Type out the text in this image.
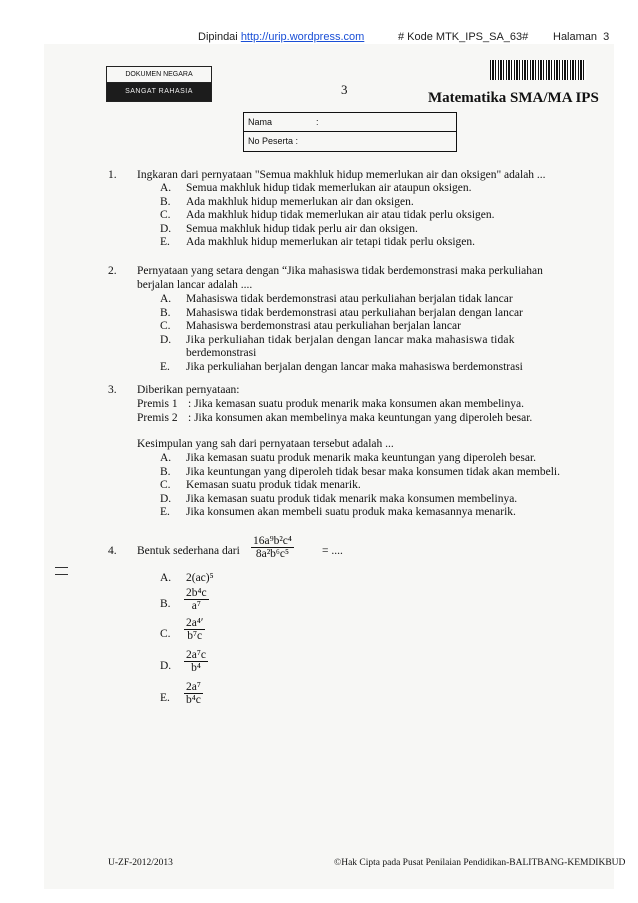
Dipindai http://urip.wordpress.com	# Kode MTK_IPS_SA_63# Halaman 3
DOKUMEN NEGARA
SANGAT RAHASIA	3
Matematika SMA/MA IPS
Nama	:
No Peserta :
1. Ingkaran dari pernyataan "Semua makhluk hidup memerlukan air dan oksigen" adalah ...
A. Semua makhluk hidup tidak memerlukan air ataupun oksigen.
B. Ada makhluk hidup memerlukan air dan oksigen.
C. Ada makhluk hidup tidak memerlukan air atau tidak perlu oksigen.
D. Semua makhluk hidup tidak perlu air dan oksigen.
E. Ada makhluk hidup memerlukan air tetapi tidak perlu oksigen.
2. Pernyataan yang setara dengan “Jika mahasiswa tidak berdemonstrasi maka perkuliahan
berjalan lancar adalah ....
A. Mahasiswa tidak berdemonstrasi atau perkuliahan berjalan tidak lancar
B. Mahasiswa tidak berdemonstrasi atau perkuliahan berjalan dengan lancar
C. Mahasiswa berdemonstrasi atau perkuliahan berjalan lancar
D. Jika perkuliahan tidak berjalan dengan lancar maka mahasiswa tidak
berdemonstrasi
E. Jika perkuliahan berjalan dengan lancar maka mahasiswa berdemonstrasi
3. Diberikan pernyataan:
Premis 1 : Jika kemasan suatu produk menarik maka konsumen akan membelinya.
Premis 2 : Jika konsumen akan membelinya maka keuntungan yang diperoleh besar.
Kesimpulan yang sah dari pernyataan tersebut adalah ...
A. Jika kemasan suatu produk menarik maka keuntungan yang diperoleh besar.
B. Jika keuntungan yang diperoleh tidak besar maka konsumen tidak akan membeli.
C. Kemasan suatu produk tidak menarik.
D. Jika kemasan suatu produk tidak menarik maka konsumen membelinya.
E. Jika konsumen akan membeli suatu produk maka kemasannya menarik.
4. Bentuk sederhana dari $\frac{\text{16a⁹b²c⁴}}{\text{8a²b⁶c⁵}}$ = ....
A. 2(ac)⁵
B. $\frac{\text{2b⁴c}}{\text{a⁷}}$
C.
2a⁴ʹ
b⁷c
D. $\frac{\text{2a⁷c}}{\text{b⁴}}$
E. $\frac{\text{2a⁷}}{\text{b⁴c}}$
U-ZF-2012/2013	©Hak Cipta pada Pusat Penilaian Pendidikan-BALITBANG-KEMDIKBUD
